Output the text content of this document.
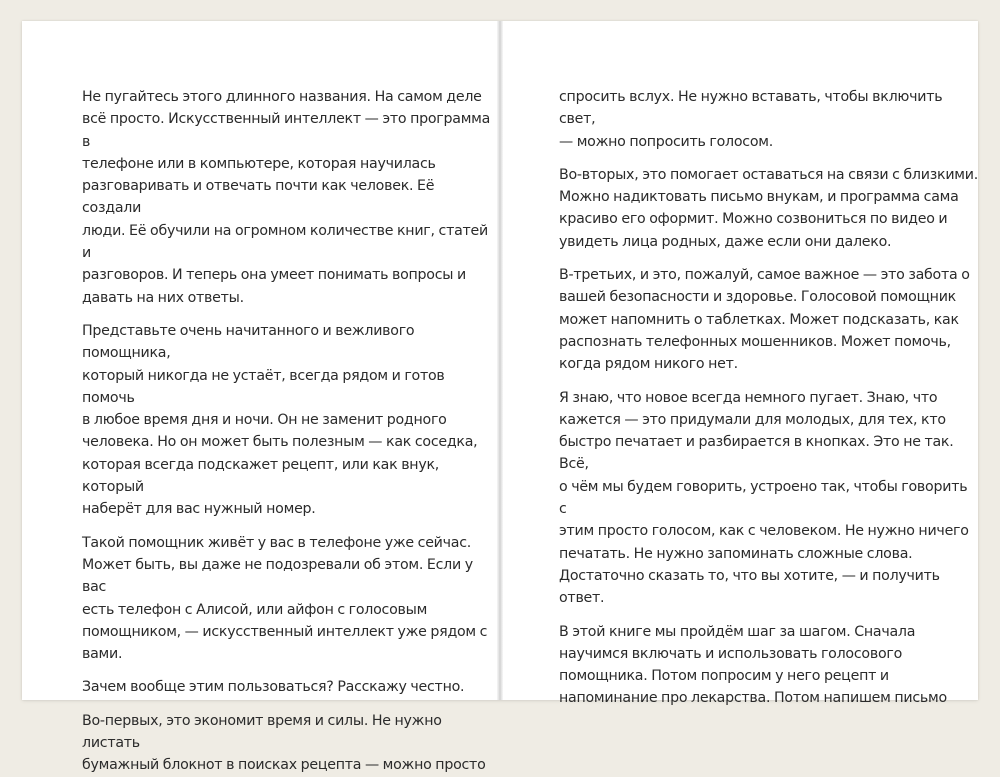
Не пугайтесь этого длинного названия. На самом деле
всё просто. Искусственный интеллект — это программа в
телефоне или в компьютере, которая научилась
разговаривать и отвечать почти как человек. Её создали
люди. Её обучили на огромном количестве книг, статей и
разговоров. И теперь она умеет понимать вопросы и
давать на них ответы.

Представьте очень начитанного и вежливого помощника,
который никогда не устаёт, всегда рядом и готов помочь
в любое время дня и ночи. Он не заменит родного
человека. Но он может быть полезным — как соседка,
которая всегда подскажет рецепт, или как внук, который
наберёт для вас нужный номер.

Такой помощник живёт у вас в телефоне уже сейчас.
Может быть, вы даже не подозревали об этом. Если у вас
есть телефон с Алисой, или айфон с голосовым
помощником, — искусственный интеллект уже рядом с
вами.

Зачем вообще этим пользоваться? Расскажу честно.

Во-первых, это экономит время и силы. Не нужно листать
бумажный блокнот в поисках рецепта — можно просто

спросить вслух. Не нужно вставать, чтобы включить свет,
— можно попросить голосом.

Во-вторых, это помогает оставаться на связи с близкими.
Можно надиктовать письмо внукам, и программа сама
красиво его оформит. Можно созвониться по видео и
увидеть лица родных, даже если они далеко.

В-третьих, и это, пожалуй, самое важное — это забота о
вашей безопасности и здоровье. Голосовой помощник
может напомнить о таблетках. Может подсказать, как
распознать телефонных мошенников. Может помочь,
когда рядом никого нет.

Я знаю, что новое всегда немного пугает. Знаю, что
кажется — это придумали для молодых, для тех, кто
быстро печатает и разбирается в кнопках. Это не так. Всё,
о чём мы будем говорить, устроено так, чтобы говорить с
этим просто голосом, как с человеком. Не нужно ничего
печатать. Не нужно запоминать сложные слова.
Достаточно сказать то, что вы хотите, — и получить ответ.

В этой книге мы пройдём шаг за шагом. Сначала
научимся включать и использовать голосового
помощника. Потом попросим у него рецепт и
напоминание про лекарства. Потом напишем письмо
